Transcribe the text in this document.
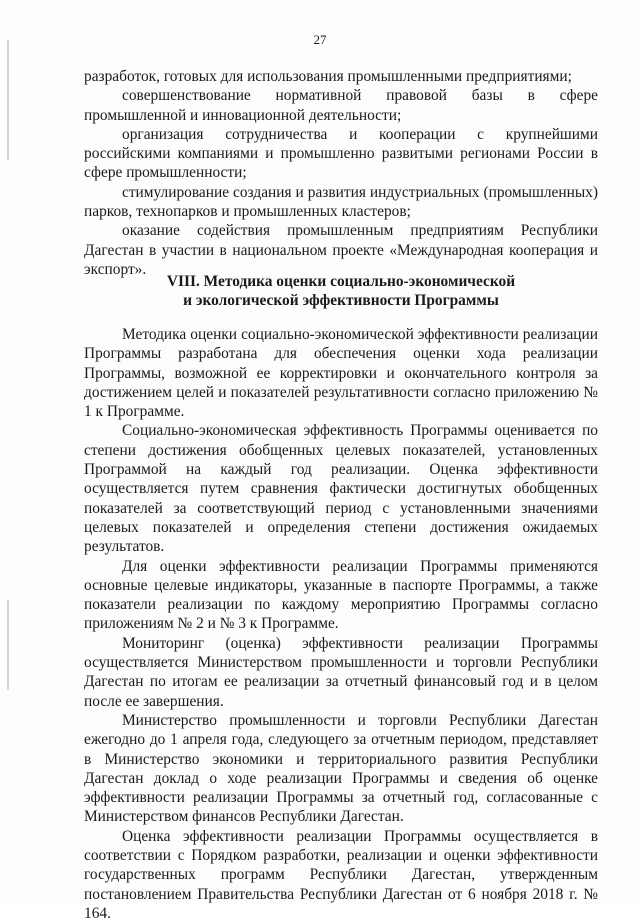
27

разработок, готовых для использования промышленными предприятиями;

совершенствование нормативной правовой базы в сфере промышленной и инновационной деятельности;

организация сотрудничества и кооперации с крупнейшими российскими компаниями и промышленно развитыми регионами России в сфере промышленности;

стимулирование создания и развития индустриальных (промышленных) парков, технопарков и промышленных кластеров;

оказание содействия промышленным предприятиям Республики Дагестан в участии в национальном проекте «Международная кооперация и экспорт».

VIII. Методика оценки социально-экономической
и экологической эффективности Программы

Методика оценки социально-экономической эффективности реализации Программы разработана для обеспечения оценки хода реализации Программы, возможной ее корректировки и окончательного контроля за достижением целей и показателей результативности согласно приложению № 1 к Программе.

Социально-экономическая эффективность Программы оценивается по степени достижения обобщенных целевых показателей, установленных Программой на каждый год реализации. Оценка эффективности осуществляется путем сравнения фактически достигнутых обобщенных показателей за соответствующий период с установленными значениями целевых показателей и определения степени достижения ожидаемых результатов.

Для оценки эффективности реализации Программы применяются основные целевые индикаторы, указанные в паспорте Программы, а также показатели реализации по каждому мероприятию Программы согласно приложениям № 2 и № 3 к Программе.

Мониторинг (оценка) эффективности реализации Программы осуществляется Министерством промышленности и торговли Республики Дагестан по итогам ее реализации за отчетный финансовый год и в целом после ее завершения.

Министерство промышленности и торговли Республики Дагестан ежегодно до 1 апреля года, следующего за отчетным периодом, представляет в Министерство экономики и территориального развития Республики Дагестан доклад о ходе реализации Программы и сведения об оценке эффективности реализации Программы за отчетный год, согласованные с Министерством финансов Республики Дагестан.

Оценка эффективности реализации Программы осуществляется в соответствии с Порядком разработки, реализации и оценки эффективности государственных программ Республики Дагестан, утвержденным постановлением Правительства Республики Дагестан от 6 ноября 2018 г. № 164.
